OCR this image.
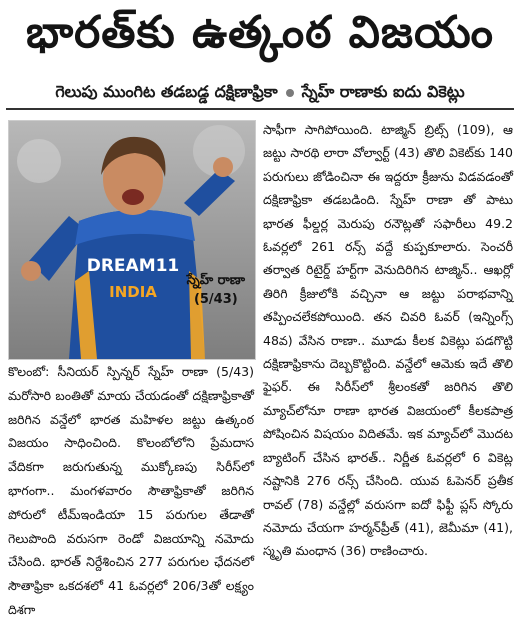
భారత్‌కు ఉత్కంఠ విజయం
గెలుపు ముంగిట తడబడ్డ దక్షిణాఫ్రికా స్నేహ్ రాణాకు ఐదు వికెట్లు
DREAM11
INDIA
స్నేహ్ రాణా
(5/43)

సాఫీగా సాగిపోయింది. టాజ్మిన్ బ్రిట్స్ (109), ఆ జట్టు సారథి లారా వోల్వార్ట్ (43) తొలి వికెట్‌కు 140 పరుగులు జోడించినా ఈ ఇద్దరూ క్రీజును విడవడంతో దక్షిణాఫ్రికా తడబడింది. స్నేహ్ రాణా తో పాటు భారత ఫీల్డర్ల మెరుపు రనౌట్లతో సఫారీలు 49.2 ఓవర్లలో 261 రన్స్ వద్దే కుప్పకూలారు. సెంచరీ తర్వాత రిటైర్డ్ హర్ట్‌గా వెనుదిరిగిన టాజ్మిన్.. ఆఖర్లో తిరిగి క్రీజులోకి వచ్చినా ఆ జట్టు పరాభవాన్ని తప్పించలేకపోయింది. తన చివరి ఓవర్ (ఇన్నింగ్స్ 48వ) వేసిన రాణా.. మూడు కీలక వికెట్లు పడగొట్టి దక్షిణాఫ్రికాను దెబ్బకొట్టింది. వన్డేలో ఆమెకు ఇదే తొలి ఫైఫర్. ఈ సిరీస్‌లో శ్రీలంకతో జరిగిన తొలి మ్యాచ్‌లోనూ రాణా భారత విజయంలో కీలకపాత్ర పోషించిన విషయం విదితమే. ఇక మ్యాచ్‌లో మొదట బ్యాటింగ్ చేసిన భారత్.. నిర్ణీత ఓవర్లలో 6 వికెట్ల నష్టానికి 276 రన్స్ చేసింది. యువ ఓపెనర్ ప్రతీక రావల్ (78) వన్డేల్లో వరుసగా ఐదో ఫిఫ్టీ ప్లస్ స్కోరు నమోదు చేయగా హర్మన్‌ప్రీత్ (41), జెమీమా (41), స్మృతి మంధాన (36) రాణించారు.

కొలంబో: సీనియర్ స్పిన్నర్ స్నేహ్ రాణా (5/43) మరోసారి బంతితో మాయ చేయడంతో దక్షిణాఫ్రికాతో జరిగిన వన్డేలో భారత మహిళల జట్టు ఉత్కంఠ విజయం సాధించింది. కొలంబోలోని ప్రేమదాస వేదికగా జరుగుతున్న ముక్కోణపు సిరీస్‌లో భాగంగా.. మంగళవారం సౌతాఫ్రికాతో జరిగిన పోరులో టీమ్‌ఇండియా 15 పరుగుల తేడాతో గెలుపొంది వరుసగా రెండో విజయాన్ని నమోదు చేసింది. భారత్ నిర్దేశించిన 277 పరుగుల ఛేదనలో సౌతాఫ్రికా ఒకదశలో 41 ఓవర్లలో 206/3తో లక్ష్యం దిశగా
